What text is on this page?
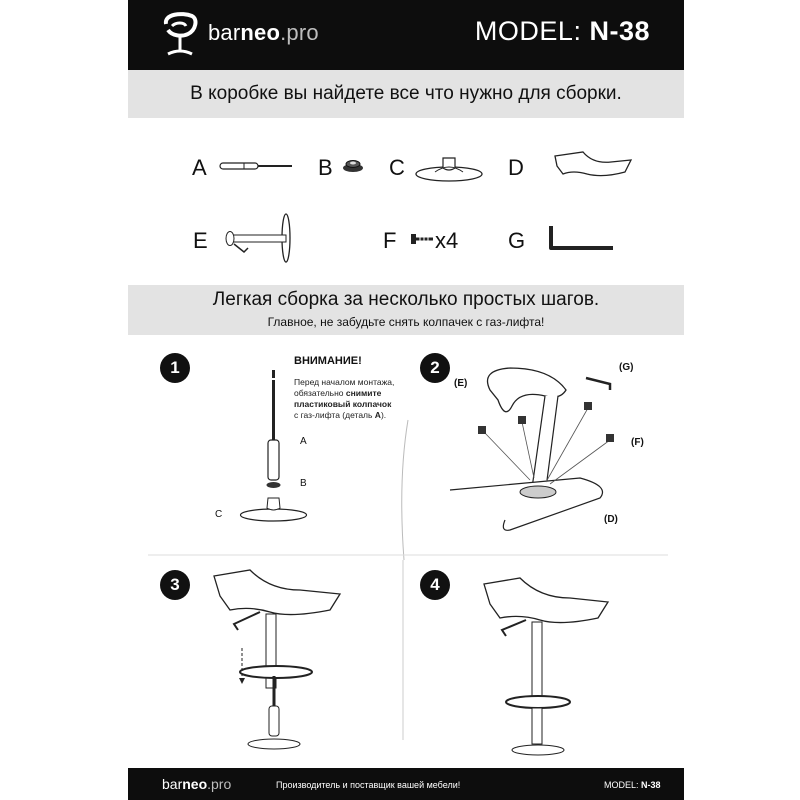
barneo.pro	MODEL: N-38
В коробке вы найдете все что нужно для сборки.
A	B	C	D
E	F x4 G
Легкая сборка за несколько простых шагов.
Главное, не забудьте снять колпачек с газ-лифта!
1
A
B
C
ВНИМАНИЕ!
Перед началом монтажа,
обязательно снимите
пластиковый колпачок
с газ-лифта (деталь A).
2
(E)
(G)
(F)
(D)
3	4
barneo.pro	Производитель и поставщик вашей мебели!	MODEL: N-38
